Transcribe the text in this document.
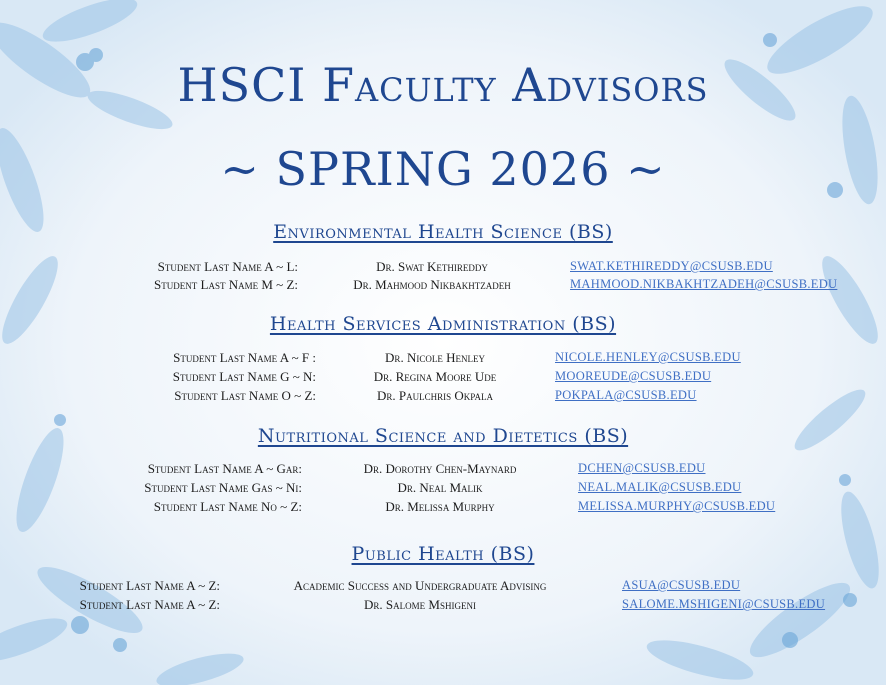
HSCI Faculty Advisors
~ SPRING 2026 ~
Environmental Health Science (BS)
Student Last Name A ~ L:	Dr. Swat Kethireddy	SWAT.KETHIREDDY@CSUSB.EDU
Student Last Name M ~ Z:	Dr. Mahmood Nikbakhtzadeh	MAHMOOD.NIKBAKHTZADEH@CSUSB.EDU
Health Services Administration (BS)
Student Last Name A ~ F :	Dr. Nicole Henley	NICOLE.HENLEY@CSUSB.EDU
Student Last Name G ~ N:	Dr. Regina Moore Ude	MOOREUDE@CSUSB.EDU
Student Last Name O ~ Z:	Dr. Paulchris Okpala	POKPALA@CSUSB.EDU
Nutritional Science and Dietetics (BS)
Student Last Name A ~ Gar:	Dr. Dorothy Chen-Maynard	DCHEN@CSUSB.EDU
Student Last Name Gas ~ Ni:	Dr. Neal Malik	NEAL.MALIK@CSUSB.EDU
Student Last Name No ~ Z:	Dr. Melissa Murphy	MELISSA.MURPHY@CSUSB.EDU
Public Health (BS)
Student Last Name A ~ Z:	Academic Success and Undergraduate Advising	ASUA@CSUSB.EDU
Student Last Name A ~ Z:	Dr. Salome Mshigeni	SALOME.MSHIGENI@CSUSB.EDU
